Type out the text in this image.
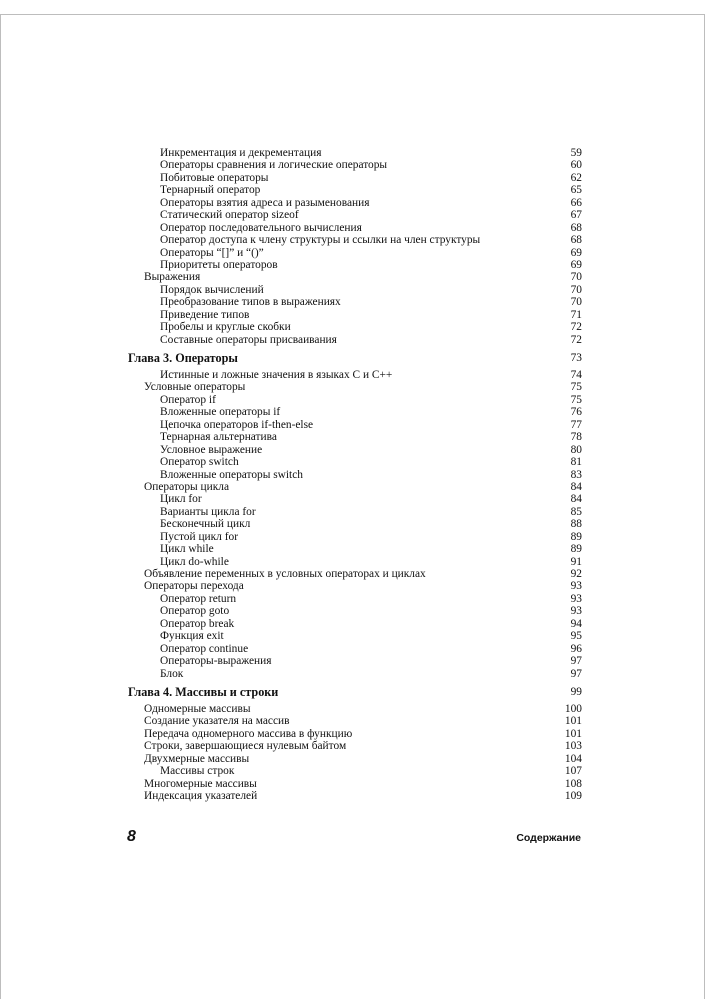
Инкрементация и декрементация	59
Операторы сравнения и логические операторы	60
Побитовые операторы	62
Тернарный оператор	65
Операторы взятия адреса и разыменования	66
Статический оператор sizeof	67
Оператор последовательного вычисления	68
Оператор доступа к члену структуры и ссылки на член структуры	68
Операторы “[]” и “()”	69
Приоритеты операторов	69
Выражения	70
Порядок вычислений	70
Преобразование типов в выражениях	70
Приведение типов	71
Пробелы и круглые скобки	72
Составные операторы присваивания	72
Глава 3. Операторы	73
Истинные и ложные значения в языках С и С++	74
Условные операторы	75
Оператор if	75
Вложенные операторы if	76
Цепочка операторов if-then-else	77
Тернарная альтернатива	78
Условное выражение	80
Оператор switch	81
Вложенные операторы switch	83
Операторы цикла	84
Цикл for	84
Варианты цикла for	85
Бесконечный цикл	88
Пустой цикл for	89
Цикл while	89
Цикл do-while	91
Объявление переменных в условных операторах и циклах	92
Операторы перехода	93
Оператор return	93
Оператор goto	93
Оператор break	94
Функция exit	95
Оператор continue	96
Операторы-выражения	97
Блок	97
Глава 4. Массивы и строки	99
Одномерные массивы	100
Создание указателя на массив	101
Передача одномерного массива в функцию	101
Строки, завершающиеся нулевым байтом	103
Двухмерные массивы	104
Массивы строк	107
Многомерные массивы	108
Индексация указателей	109
8	Содержание
